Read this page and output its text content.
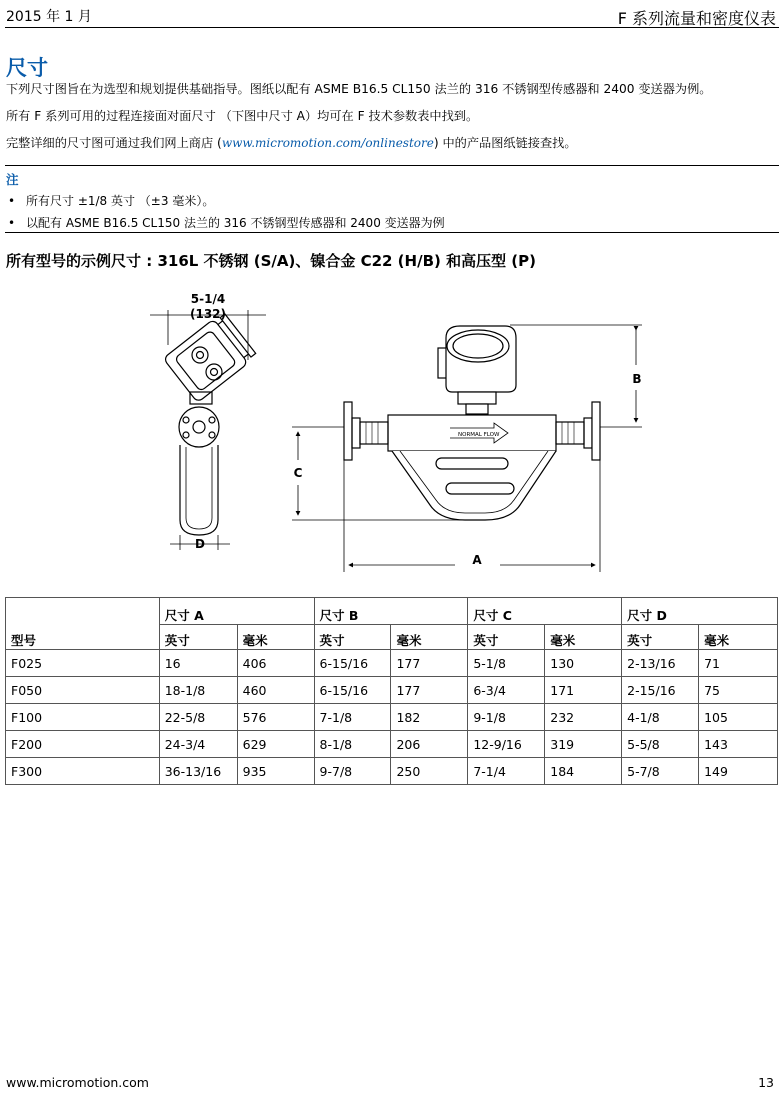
2015 年 1 月	F 系列流量和密度仪表
尺寸
下列尺寸图旨在为选型和规划提供基础指导。图纸以配有 ASME B16.5 CL150 法兰的 316 不锈钢型传感器和 2400 变送器为例。
所有 F 系列可用的过程连接面对面尺寸 （下图中尺寸 A）均可在 F 技术参数表中找到。
完整详细的尺寸图可通过我们网上商店 (www.micromotion.com/onlinestore) 中的产品图纸链接查找。
注
• 所有尺寸 ±1/8 英寸 （±3 毫米）。
• 以配有 ASME B16.5 CL150 法兰的 316 不锈钢型传感器和 2400 变送器为例
所有型号的示例尺寸 : 316L 不锈钢 (S/A)、镍合金 C22 (H/B) 和高压型 (P)
5-1/4
(132)
D
NORMAL FLOW
B
C
A
型号	尺寸 A		尺寸 B		尺寸 C		尺寸 D	
	英寸	毫米	英寸	毫米	英寸	毫米	英寸	毫米
F025	16	406	6-15/16	177	5-1/8	130	2-13/16	71
F050	18-1/8	460	6-15/16	177	6-3/4	171	2-15/16	75
F100	22-5/8	576	7-1/8	182	9-1/8	232	4-1/8	105
F200	24-3/4	629	8-1/8	206	12-9/16	319	5-5/8	143
F300	36-13/16	935	9-7/8	250	7-1/4	184	5-7/8	149
www.micromotion.com	13
